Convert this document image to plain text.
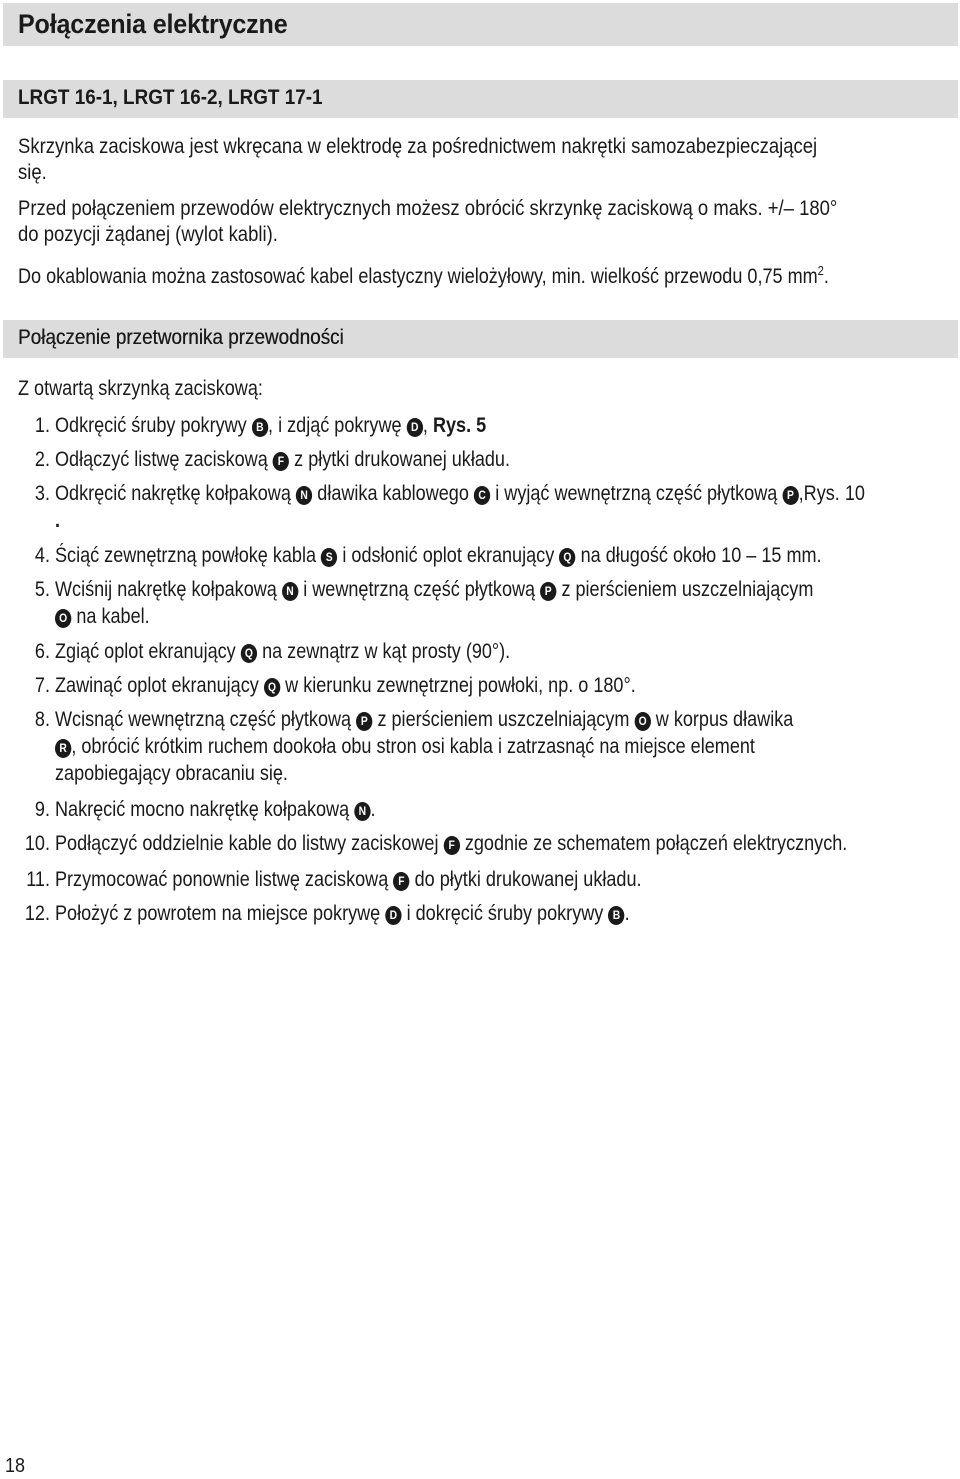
Połączenia elektryczne
LRGT 16-1, LRGT 16-2, LRGT 17-1

Skrzynka zaciskowa jest wkręcana w elektrodę za pośrednictwem nakrętki samozabezpieczającej
się.

Przed połączeniem przewodów elektrycznych możesz obrócić skrzynkę zaciskową o maks. +/– 180°
do pozycji żądanej (wylot kabli).

Do okablowania można zastosować kabel elastyczny wielożyłowy, min. wielkość przewodu 0,75 $mm^2$.

Połączenie przetwornika przewodności

Z otwartą skrzynką zaciskową:

1. Odkręcić śruby pokrywy B , i zdjąć pokrywę D , Rys. 5
2. Odłączyć listwę zaciskową F z płytki drukowanej układu.
3. Odkręcić nakrętkę kołpakową N dławika kablowego C i wyjąć wewnętrzną część płytkową P ,Rys. 10
.
4. Ściąć zewnętrzną powłokę kabla S i odsłonić oplot ekranujący Q na długość około 10 – 15 mm.
5. Wciśnij nakrętkę kołpakową N i wewnętrzną część płytkową P z pierścieniem uszczelniającym
O na kabel.
6. Zgiąć oplot ekranujący Q na zewnątrz w kąt prosty (90°).
7. Zawinąć oplot ekranujący Q w kierunku zewnętrznej powłoki, np. o 180°.
8. Wcisnąć wewnętrzną część płytkową P z pierścieniem uszczelniającym O w korpus dławika
R , obrócić krótkim ruchem dookoła obu stron osi kabla i zatrzasnąć na miejsce element
zapobiegający obracaniu się.
9. Nakręcić mocno nakrętkę kołpakową N .
10. Podłączyć oddzielnie kable do listwy zaciskowej F zgodnie ze schematem połączeń elektrycznych.
11. Przymocować ponownie listwę zaciskową F do płytki drukowanej układu.
12. Położyć z powrotem na miejsce pokrywę D i dokręcić śruby pokrywy B .
18
